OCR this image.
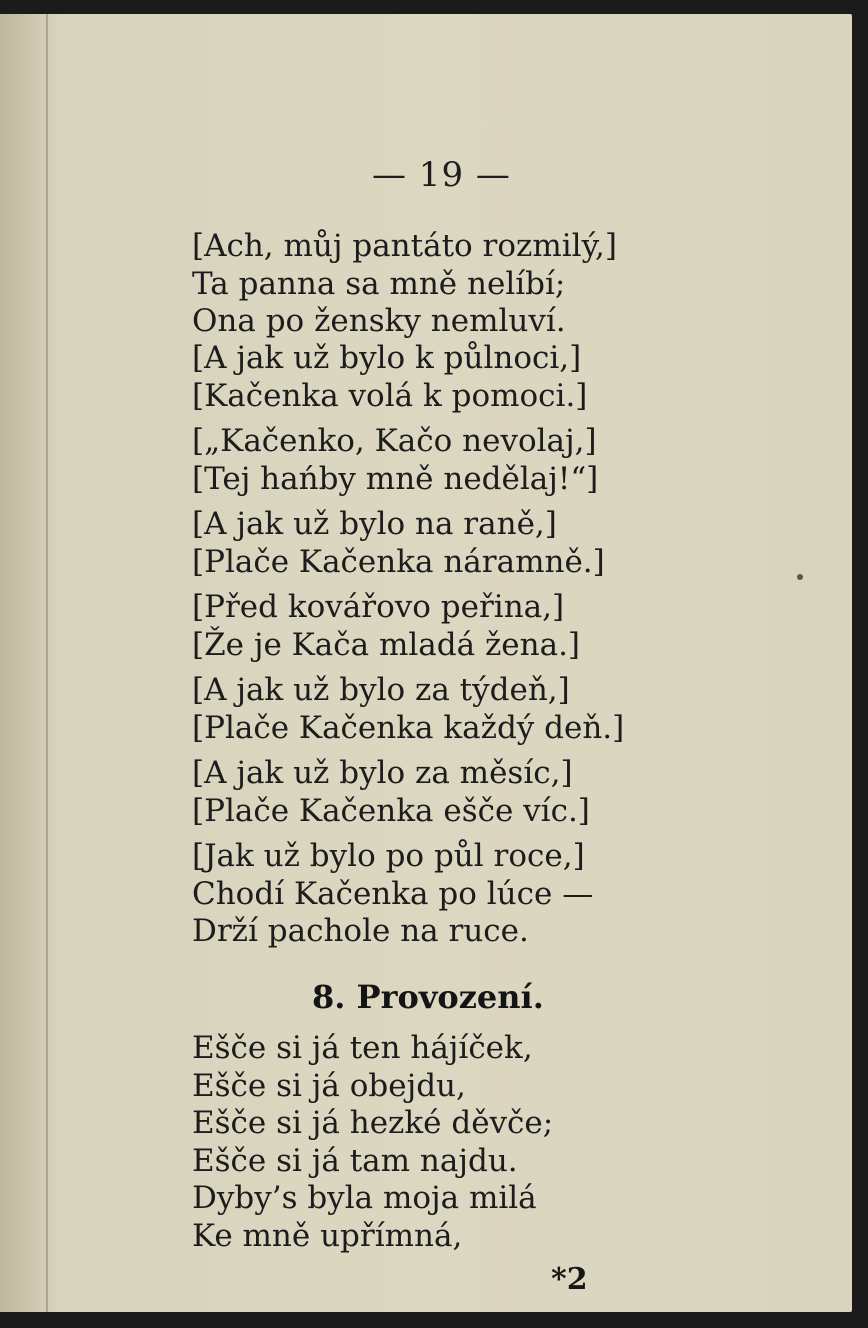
— 19 —
[Ach, můj pantáto rozmilý,]
Ta panna sa mně nelíbí;
Ona po žensky nemluví.
[A jak už bylo k půlnoci,]
[Kačenka volá k pomoci.]
[„Kačenko, Kačo nevolaj,]
[Tej hańby mně nedělaj!“]
[A jak už bylo na raně,]
[Plače Kačenka náramně.]
[Před kovářovo peřina,]
[Že je Kača mladá žena.]
[A jak už bylo za týdeň,]
[Plače Kačenka každý deň.]
[A jak už bylo za měsíc,]
[Plače Kačenka ešče víc.]
[Jak už bylo po půl roce,]
Chodí Kačenka po lúce —
Drží pachole na ruce.
8. Provození.
Ešče si já ten hájíček,
Ešče si já obejdu,
Ešče si já hezké děvče;
Ešče si já tam najdu.
Dyby’s byla moja milá
Ke mně upřímná,
*2
